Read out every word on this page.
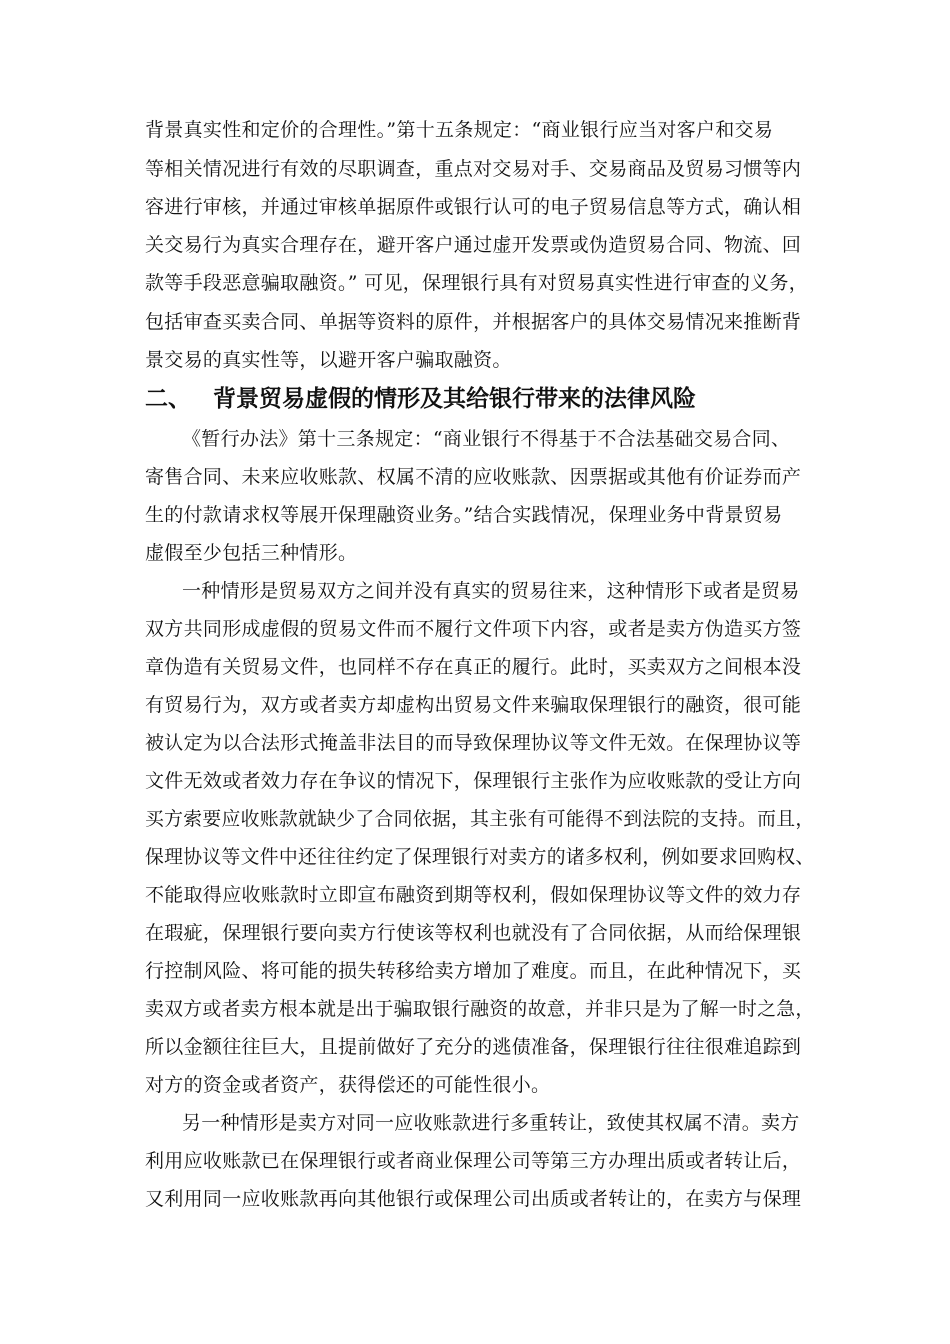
背景真实性和定价的合理性。”第十五条规定：“商业银行应当对客户和交易
等相关情况进行有效的尽职调查，重点对交易对手、交易商品及贸易习惯等内
容进行审核，并通过审核单据原件或银行认可的电子贸易信息等方式，确认相
关交易行为真实合理存在，避开客户通过虚开发票或伪造贸易合同、物流、回
款等手段恶意骗取融资。” 可见，保理银行具有对贸易真实性进行审查的义务，
包括审查买卖合同、单据等资料的原件，并根据客户的具体交易情况来推断背
景交易的真实性等，以避开客户骗取融资。
二、 背景贸易虚假的情形及其给银行带来的法律风险
《暂行办法》第十三条规定：“商业银行不得基于不合法基础交易合同、
寄售合同、未来应收账款、权属不清的应收账款、因票据或其他有价证券而产
生的付款请求权等展开保理融资业务。”结合实践情况，保理业务中背景贸易
虚假至少包括三种情形。
一种情形是贸易双方之间并没有真实的贸易往来，这种情形下或者是贸易
双方共同形成虚假的贸易文件而不履行文件项下内容，或者是卖方伪造买方签
章伪造有关贸易文件，也同样不存在真正的履行。此时，买卖双方之间根本没
有贸易行为，双方或者卖方却虚构出贸易文件来骗取保理银行的融资，很可能
被认定为以合法形式掩盖非法目的而导致保理协议等文件无效。在保理协议等
文件无效或者效力存在争议的情况下，保理银行主张作为应收账款的受让方向
买方索要应收账款就缺少了合同依据，其主张有可能得不到法院的支持。而且，
保理协议等文件中还往往约定了保理银行对卖方的诸多权利，例如要求回购权、
不能取得应收账款时立即宣布融资到期等权利，假如保理协议等文件的效力存
在瑕疵，保理银行要向卖方行使该等权利也就没有了合同依据，从而给保理银
行控制风险、将可能的损失转移给卖方增加了难度。而且，在此种情况下，买
卖双方或者卖方根本就是出于骗取银行融资的故意，并非只是为了解一时之急，
所以金额往往巨大，且提前做好了充分的逃债准备，保理银行往往很难追踪到
对方的资金或者资产，获得偿还的可能性很小。
另一种情形是卖方对同一应收账款进行多重转让，致使其权属不清。卖方
利用应收账款已在保理银行或者商业保理公司等第三方办理出质或者转让后，
又利用同一应收账款再向其他银行或保理公司出质或者转让的，在卖方与保理
